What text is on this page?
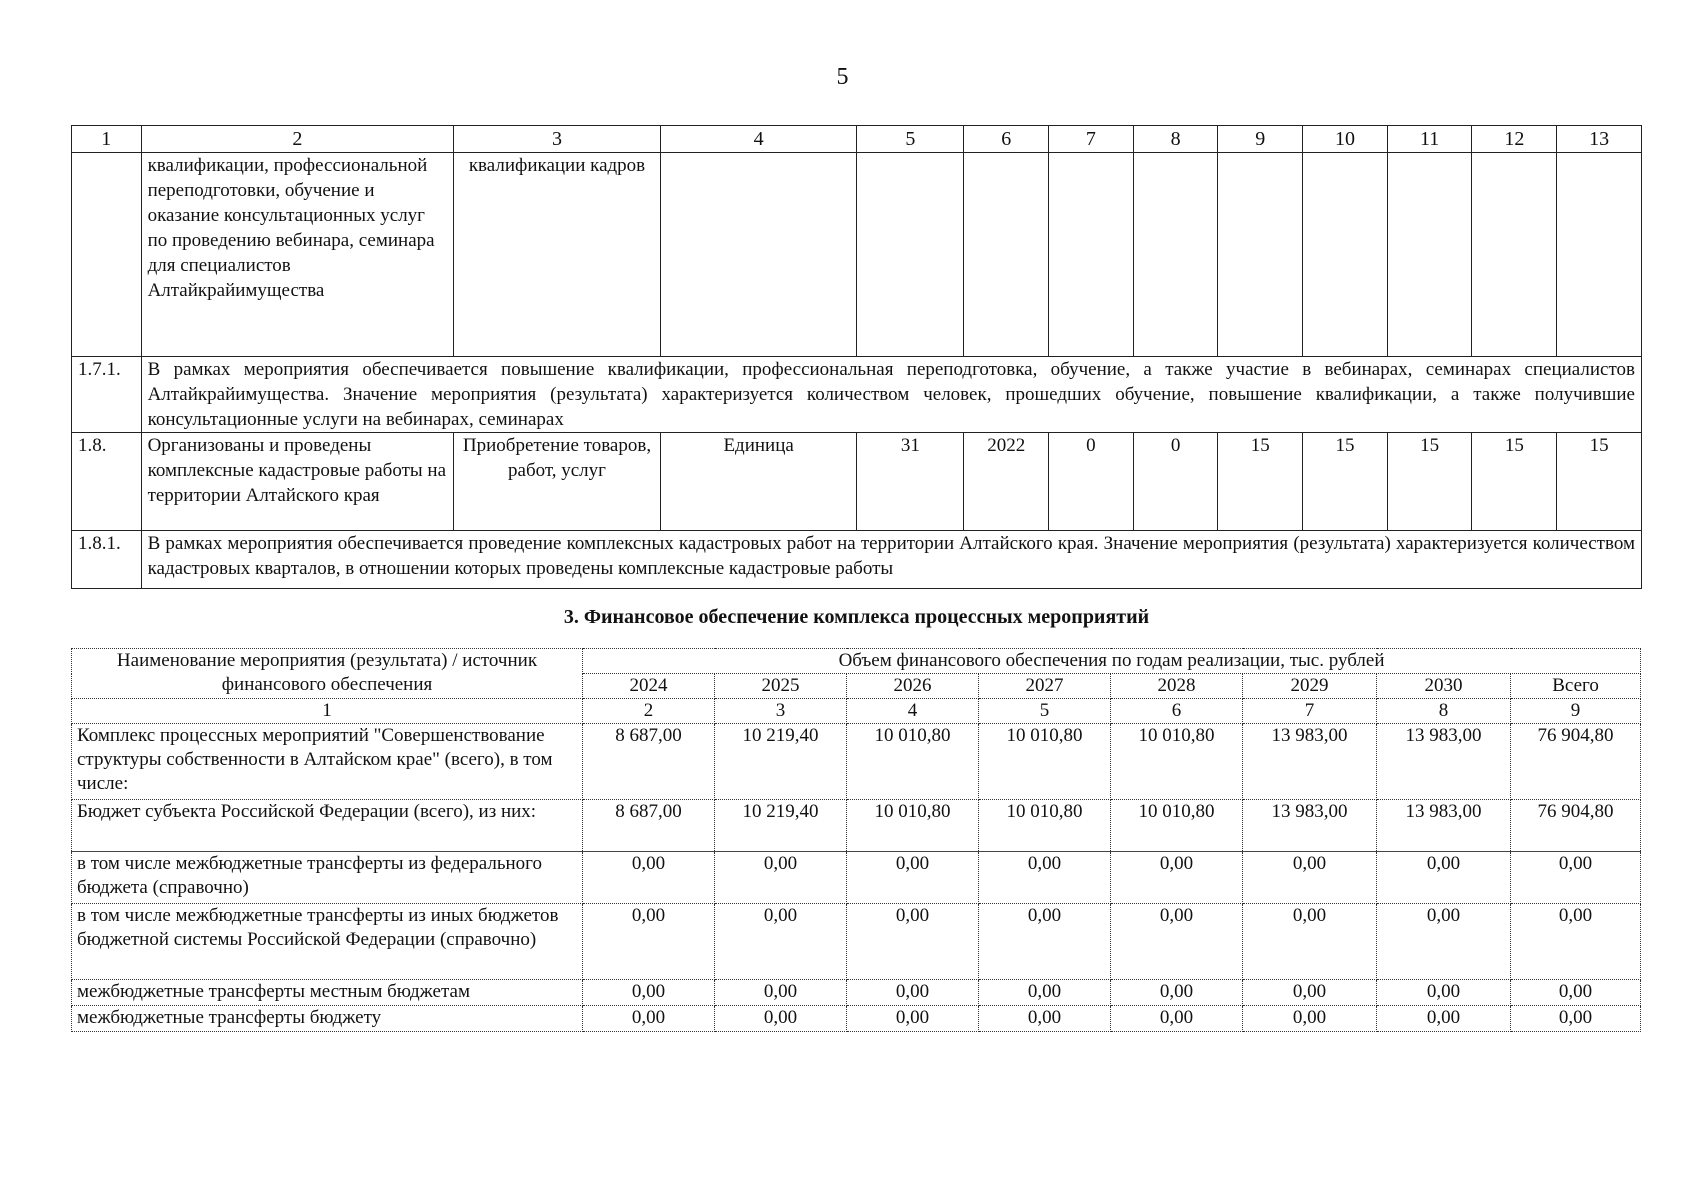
5
1	2	3	4	5	6	7	8	9	10	11	12	13
	квалификации, профессиональной переподготовки, обучение и оказание консультационных услуг по проведению вебинара, семинара для специалистов Алтайкрайимущества	квалификации кадров										
1.7.1.	В рамках мероприятия обеспечивается повышение квалификации, профессиональная переподготовка, обучение, а также участие в вебинарах, семинарах специалистов Алтайкрайимущества. Значение мероприятия (результата) характеризуется количеством человек, прошедших обучение, повышение квалификации, а также получившие консультационные услуги на вебинарах, семинарах											
1.8.	Организованы и проведены комплексные кадастровые работы на территории Алтайского края	Приобретение товаров, работ, услуг	Единица	31	2022	0	0	15	15	15	15	15
1.8.1.	В рамках мероприятия обеспечивается проведение комплексных кадастровых работ на территории Алтайского края. Значение мероприятия (результата) характеризуется количеством кадастровых кварталов, в отношении которых проведены комплексные кадастровые работы											
3. Финансовое обеспечение комплекса процессных мероприятий
Наименование мероприятия (результата) / источник финансового обеспечения	Объем финансового обеспечения по годам реализации, тыс. рублей							
	2024	2025	2026	2027	2028	2029	2030	Всего
1	2	3	4	5	6	7	8	9
Комплекс процессных мероприятий "Совершенствование структуры собственности в Алтайском крае" (всего), в том числе:	8 687,00	10 219,40	10 010,80	10 010,80	10 010,80	13 983,00	13 983,00	76 904,80
Бюджет субъекта Российской Федерации (всего), из них:	8 687,00	10 219,40	10 010,80	10 010,80	10 010,80	13 983,00	13 983,00	76 904,80
в том числе межбюджетные трансферты из федерального бюджета (справочно)	0,00	0,00	0,00	0,00	0,00	0,00	0,00	0,00
в том числе межбюджетные трансферты из иных бюджетов бюджетной системы Российской Федерации (справочно)	0,00	0,00	0,00	0,00	0,00	0,00	0,00	0,00
межбюджетные трансферты местным бюджетам	0,00	0,00	0,00	0,00	0,00	0,00	0,00	0,00
межбюджетные трансферты бюджету	0,00	0,00	0,00	0,00	0,00	0,00	0,00	0,00
